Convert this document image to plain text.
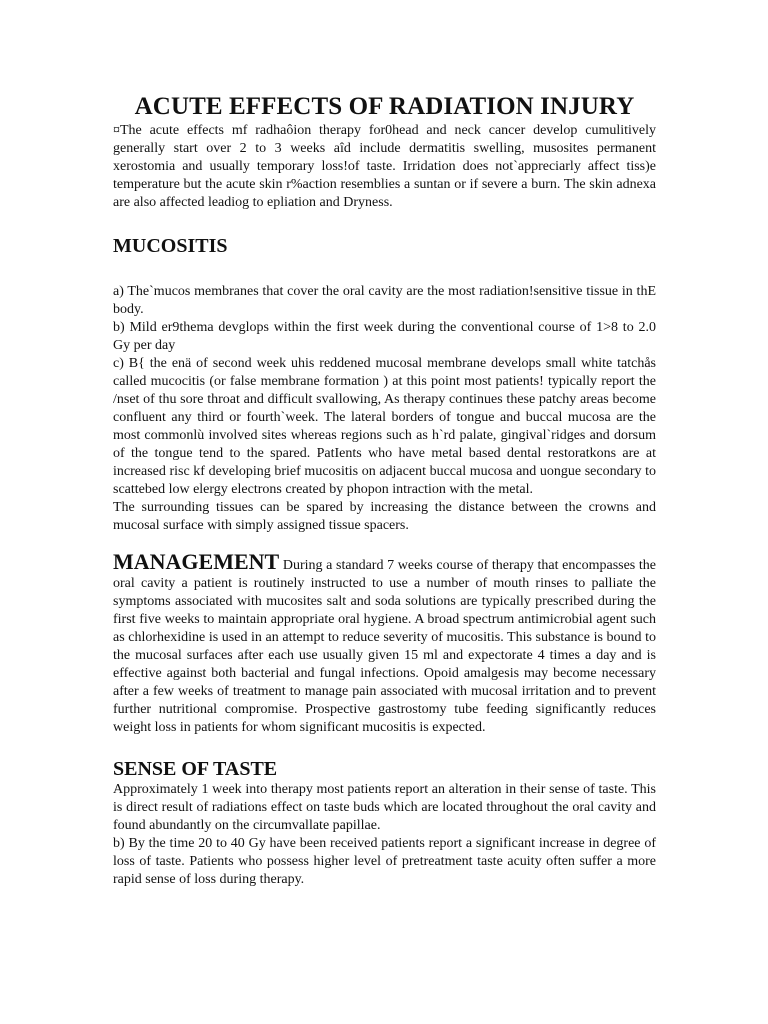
ACUTE EFFECTS OF RADIATION INJURY

¤The acute effects mf radhaôion therapy for0head and neck cancer develop cumulitively generally start over 2 to 3 weeks aîd include dermatitis swelling, musosites permanent xerostomia and usually temporary loss!of taste. Irridation does not`appreciarly affect tiss)e temperature but the acute skin r%action resemblies a suntan or if severe a burn. The skin adnexa are also affected leadiog to epliation and Dryness.

MUCOSITIS

a) The`mucos membranes that cover the oral cavity are the most radiation!sensitive tissue in thE body.

b) Mild er9thema devglops within the first week during the conventional course of 1>8 to 2.0 Gy per day

c) B{ the enä of second week uhis reddened mucosal membrane develops small white tatchås called mucocitis (or false membrane formation ) at this point most patients! typically report the /nset of thu sore throat and difficult svallowing, As therapy continues these patchy areas become confluent any third or fourth`week. The lateral borders of tongue and buccal mucosa are the most commonlù involved sites whereas regions such as h`rd palate, gingival`ridges and dorsum of the tongue tend to the spared. PatIents who have metal based dental restoratkons are at increased risc kf developing brief mucositis on adjacent buccal mucosa and uongue secondary to scattebed low elergy electrons created by phopon intraction with the metal.

The surrounding tissues can be spared by increasing the distance between the crowns and mucosal surface with simply assigned tissue spacers.

MANAGEMENT During a standard 7 weeks course of therapy that encompasses the oral cavity a patient is routinely instructed to use a number of mouth rinses to palliate the symptoms associated with mucosites salt and soda solutions are typically prescribed during the first five weeks to maintain appropriate oral hygiene. A broad spectrum antimicrobial agent such as chlorhexidine is used in an attempt to reduce severity of mucositis. This substance is bound to the mucosal surfaces after each use usually given 15 ml and expectorate 4 times a day and is effective against both bacterial and fungal infections. Opoid amalgesis may become necessary after a few weeks of treatment to manage pain associated with mucosal irritation and to prevent further nutritional compromise. Prospective gastrostomy tube feeding significantly reduces weight loss in patients for whom significant mucositis is expected.

SENSE OF TASTE

Approximately 1 week into therapy most patients report an alteration in their sense of taste. This is direct result of radiations effect on taste buds which are located throughout the oral cavity and found abundantly on the circumvallate papillae.

b) By the time 20 to 40 Gy have been received patients report a significant increase in degree of loss of taste. Patients who possess higher level of pretreatment taste acuity often suffer a more rapid sense of loss during therapy.
